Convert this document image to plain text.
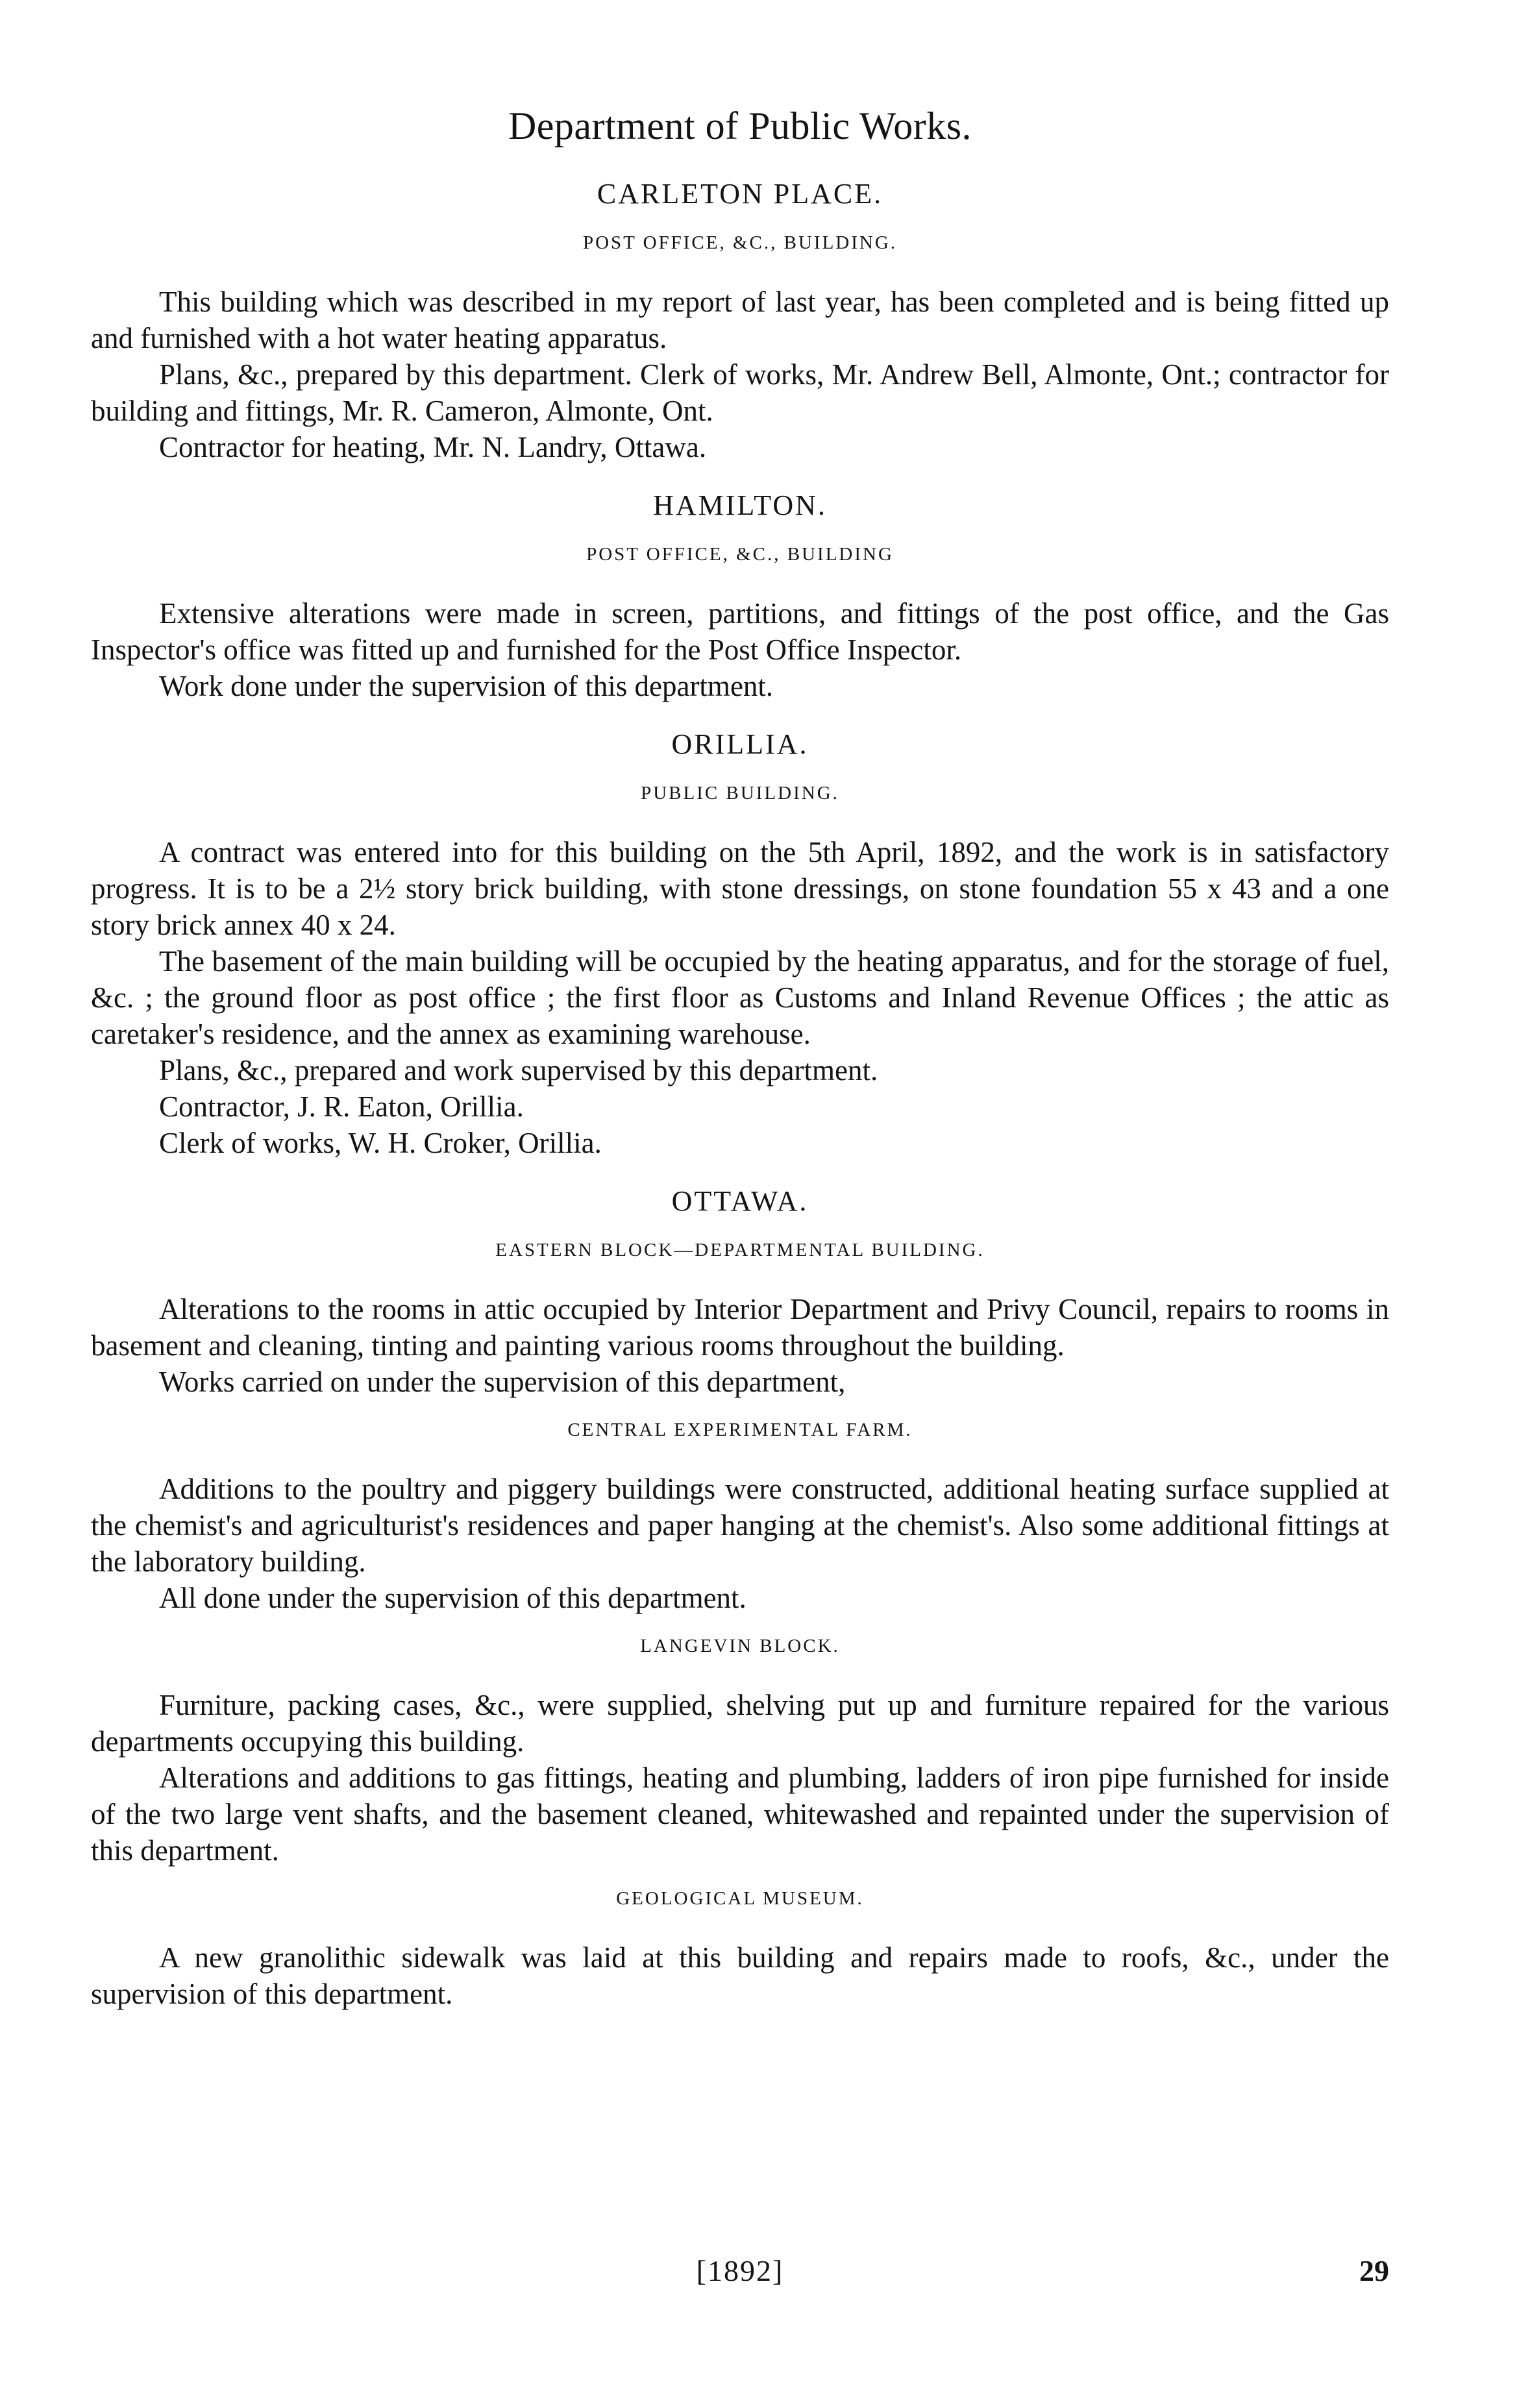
Department of Public Works.
CARLETON PLACE.
POST OFFICE, &C., BUILDING.

This building which was described in my report of last year, has been completed and is being fitted up and furnished with a hot water heating apparatus.

Plans, &c., prepared by this department. Clerk of works, Mr. Andrew Bell, Almonte, Ont.; contractor for building and fittings, Mr. R. Cameron, Almonte, Ont.

Contractor for heating, Mr. N. Landry, Ottawa.

HAMILTON.
POST OFFICE, &C., BUILDING

Extensive alterations were made in screen, partitions, and fittings of the post office, and the Gas Inspector's office was fitted up and furnished for the Post Office Inspector.

Work done under the supervision of this department.

ORILLIA.
PUBLIC BUILDING.

A contract was entered into for this building on the 5th April, 1892, and the work is in satisfactory progress. It is to be a 2½ story brick building, with stone dressings, on stone foundation 55 x 43 and a one story brick annex 40 x 24.

The basement of the main building will be occupied by the heating apparatus, and for the storage of fuel, &c. ; the ground floor as post office ; the first floor as Customs and Inland Revenue Offices ; the attic as caretaker's residence, and the annex as examining warehouse.

Plans, &c., prepared and work supervised by this department.

Contractor, J. R. Eaton, Orillia.

Clerk of works, W. H. Croker, Orillia.

OTTAWA.
EASTERN BLOCK—DEPARTMENTAL BUILDING.

Alterations to the rooms in attic occupied by Interior Department and Privy Council, repairs to rooms in basement and cleaning, tinting and painting various rooms throughout the building.

Works carried on under the supervision of this department,

CENTRAL EXPERIMENTAL FARM.

Additions to the poultry and piggery buildings were constructed, additional heating surface supplied at the chemist's and agriculturist's residences and paper hanging at the chemist's. Also some additional fittings at the laboratory building.

All done under the supervision of this department.

LANGEVIN BLOCK.

Furniture, packing cases, &c., were supplied, shelving put up and furniture repaired for the various departments occupying this building.

Alterations and additions to gas fittings, heating and plumbing, ladders of iron pipe furnished for inside of the two large vent shafts, and the basement cleaned, whitewashed and repainted under the supervision of this department.

GEOLOGICAL MUSEUM.

A new granolithic sidewalk was laid at this building and repairs made to roofs, &c., under the supervision of this department.

[1892]	29
